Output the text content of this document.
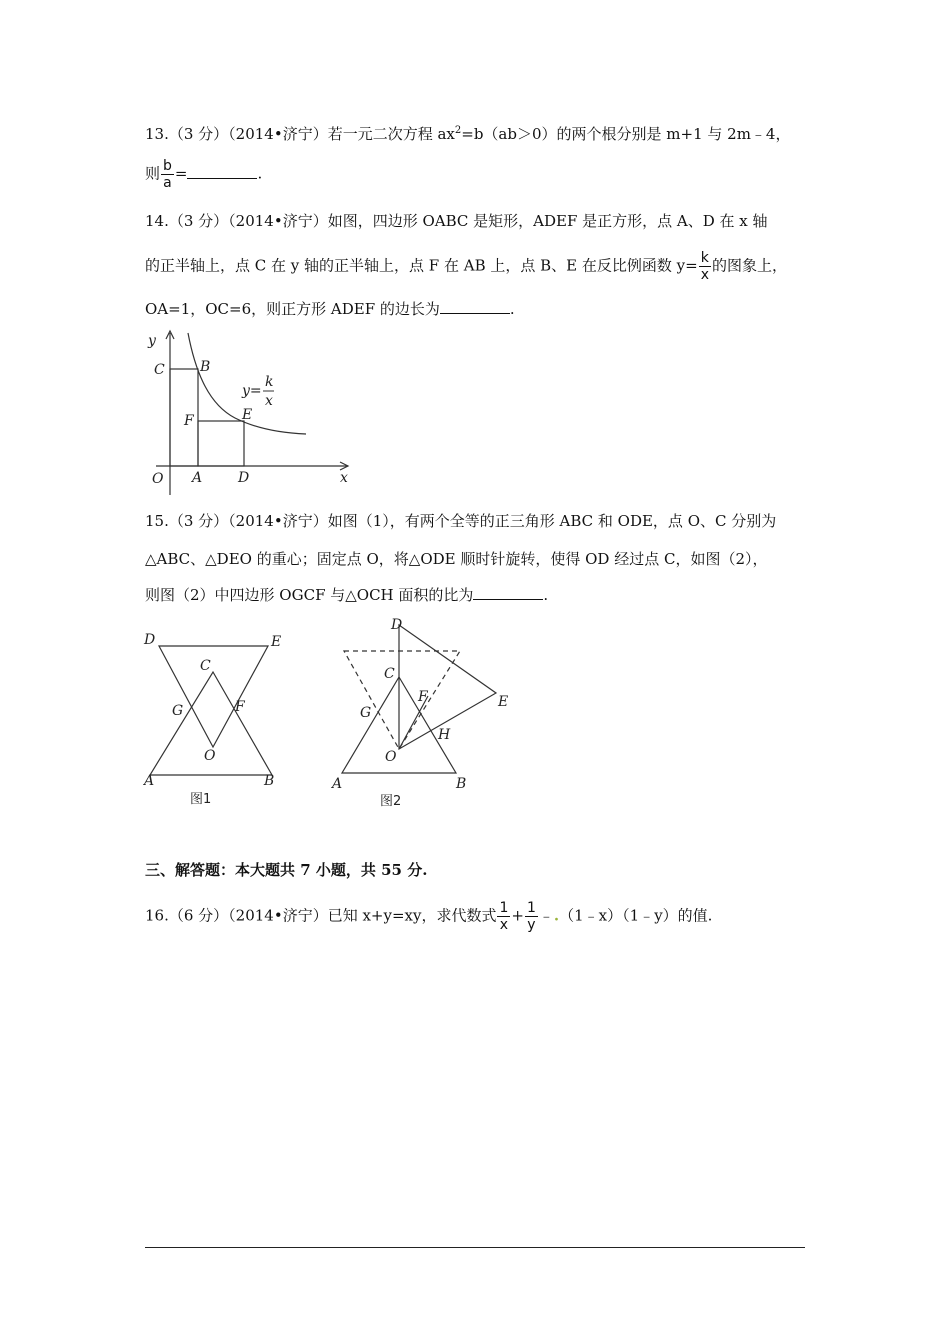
13.（3 分）（2014•济宁）若一元二次方程 $ax^2=b(ab>0)$的两个根分别是 m+1 与 2m﹣4，
则 $\frac{b}{a}$ =	.
14.（3 分）（2014•济宁）如图，四边形 OABC 是矩形，ADEF 是正方形，点 A、D 在 x 轴
的正半轴上，点 C 在 y 轴的正半轴上，点 F 在 AB 上，点 B、E 在反比例函数 $y= \frac{k}{x}$ 的图象上，
OA=1，OC=6，则正方形 ADEF 的边长为	.
y
C	B
F	E
O A	D	x
y=
k
x
15.（3 分）（2014•济宁）如图（1），有两个全等的正三角形 ABC 和 ODE，点 O、C 分别为
△ABC、△DEO 的重心；固定点 O，将△ODE 顺时针旋转，使得 OD 经过点 C，如图（2），
则图（2）中四边形 OGCF 与△OCH 面积的比为	.
D	E
C
G	F
O
A	B
图1
D
C
F
G
E
H
O
A	B
图2
三、解答题：本大题共 7 小题，共 55 分.
16.（6 分）（2014•济宁）已知 x+y=xy，求代数式 $\frac{1}{x} + \frac{1}{y}$ ﹣.（1﹣x）（1﹣y）的值.
